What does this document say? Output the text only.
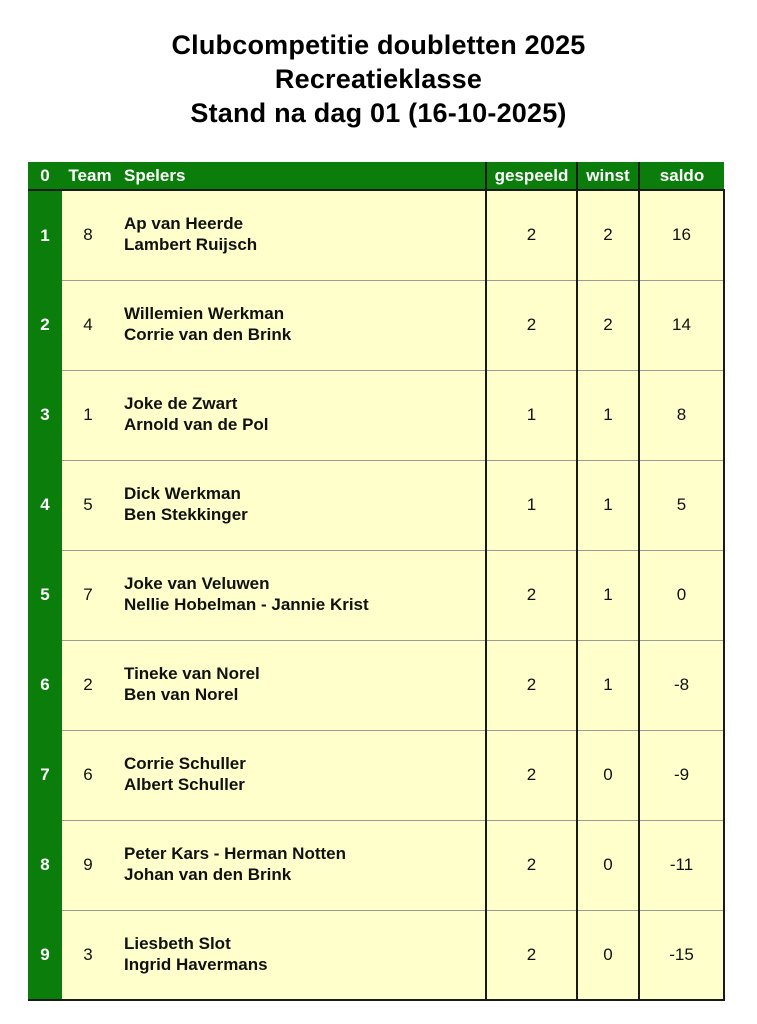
Clubcompetitie doubletten 2025
Recreatieklasse
Stand na dag 01 (16-10-2025)
0	Team	Spelers	gespeeld	winst	saldo

1	8	Ap van Heerde
Lambert Ruijsch	2	2	16

2	4	Willemien Werkman
Corrie van den Brink	2	2	14

3	1	Joke de Zwart
Arnold van de Pol	1	1	8

4	5	Dick Werkman
Ben Stekkinger	1	1	5

5	7	Joke van Veluwen
Nellie Hobelman - Jannie Krist	2	1	0

6	2	Tineke van Norel
Ben van Norel	2	1	-8

7	6	Corrie Schuller
Albert Schuller	2	0	-9

8	9	Peter Kars - Herman Notten
Johan van den Brink	2	0	-11

9	3	Liesbeth Slot
Ingrid Havermans	2	0	-15
